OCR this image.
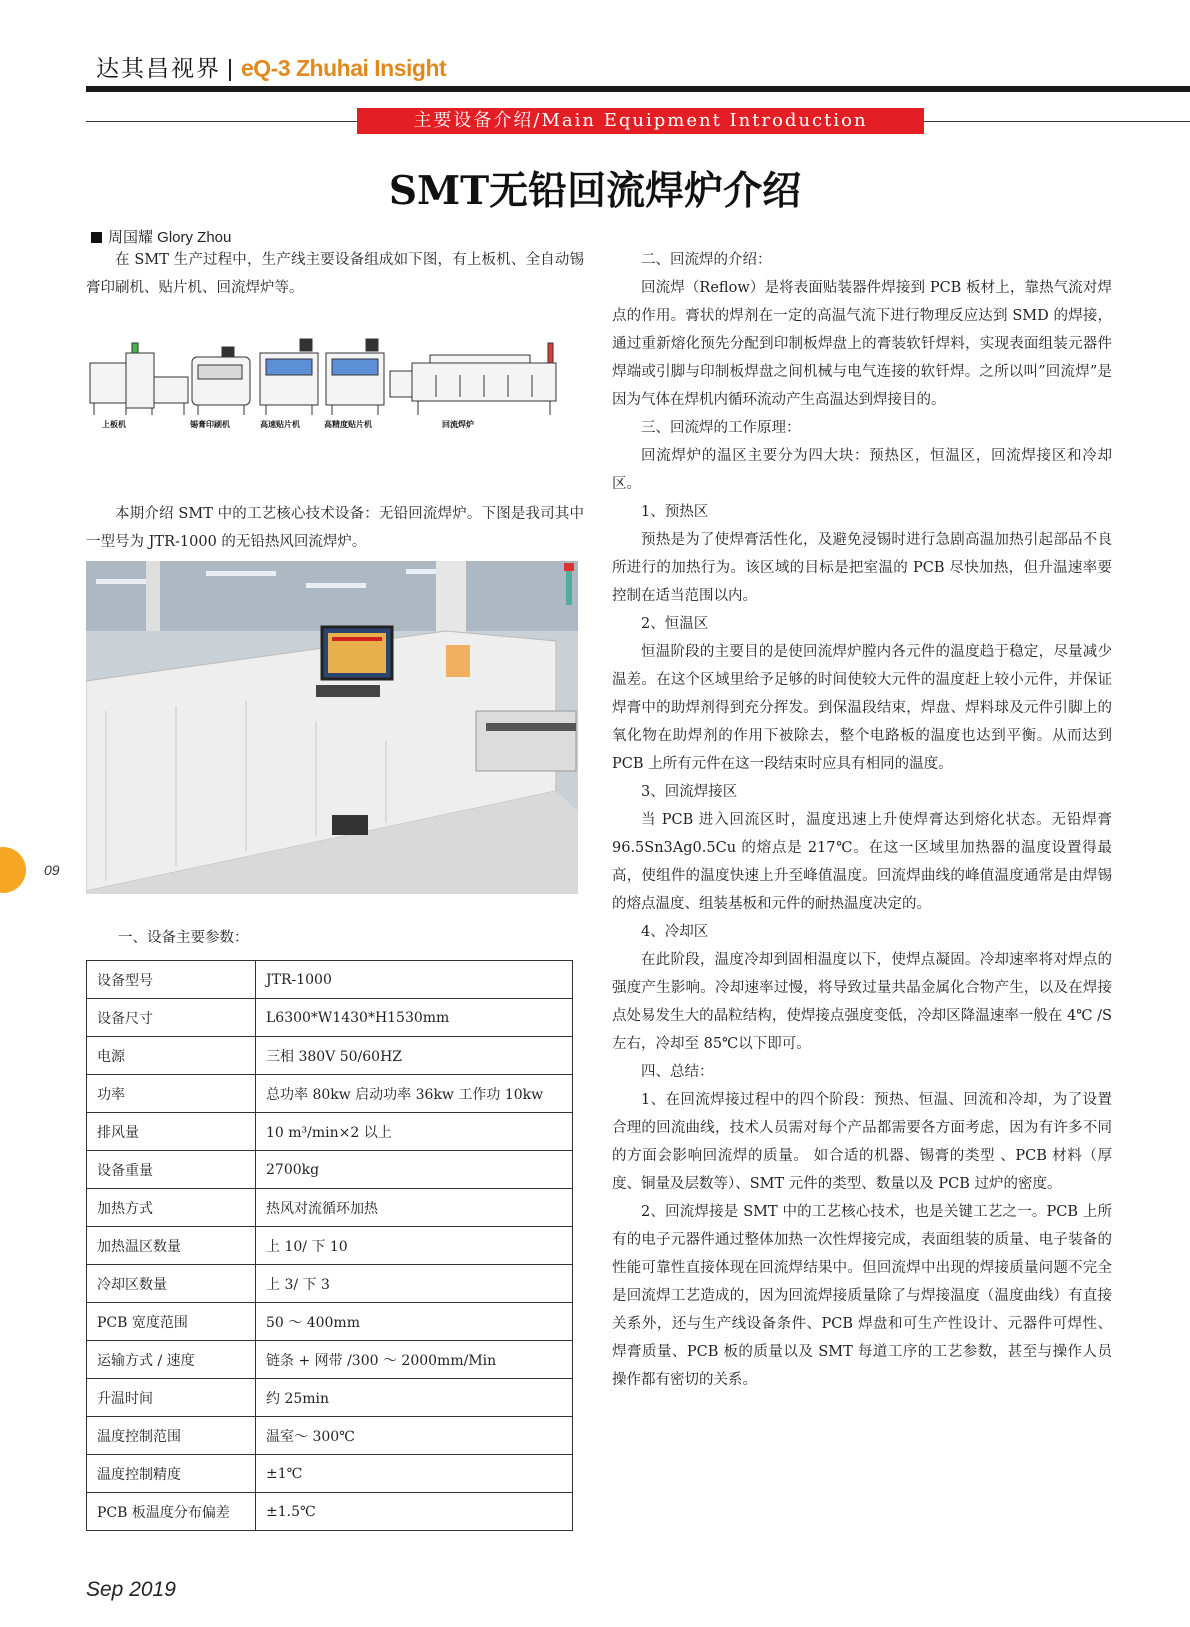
达其昌视界 | eQ-3 Zhuhai Insight
主要设备介绍/Main Equipment Introduction
SMT无铅回流焊炉介绍
周国耀 Glory Zhou
在 SMT 生产过程中，生产线主要设备组成如下图，有上板机、全自动锡膏印刷机、贴片机、回流焊炉等。
上板机	锡膏印刷机	高速贴片机	高精度贴片机	回流焊炉
本期介绍 SMT 中的工艺核心技术设备：无铅回流焊炉。下图是我司其中一型号为 JTR-1000 的无铅热风回流焊炉。
一、设备主要参数：
设备型号	JTR-1000
设备尺寸	L6300*W1430*H1530mm
电源	三相 380V 50/60HZ
功率	总功率 80kw 启动功率 36kw 工作功 10kw
排风量	10 m³/min×2 以上
设备重量	2700kg
加热方式	热风对流循环加热
加热温区数量	上 10/ 下 10
冷却区数量	上 3/ 下 3
PCB 宽度范围	50 ～ 400mm
运输方式 / 速度	链条 + 网带 /300 ～ 2000mm/Min
升温时间	约 25min
温度控制范围	温室～ 300℃
温度控制精度	±1℃
PCB 板温度分布偏差	±1.5℃

二、回流焊的介绍：

回流焊（Reflow）是将表面贴装器件焊接到 PCB 板材上，靠热气流对焊点的作用。膏状的焊剂在一定的高温气流下进行物理反应达到 SMD 的焊接，通过重新熔化预先分配到印制板焊盘上的膏装软钎焊料，实现表面组装元器件焊端或引脚与印制板焊盘之间机械与电气连接的软钎焊。之所以叫”回流焊”是因为气体在焊机内循环流动产生高温达到焊接目的。

三、回流焊的工作原理：

回流焊炉的温区主要分为四大块：预热区，恒温区，回流焊接区和冷却区。

1、预热区

预热是为了使焊膏活性化，及避免浸锡时进行急剧高温加热引起部品不良所进行的加热行为。该区域的目标是把室温的 PCB 尽快加热，但升温速率要控制在适当范围以内。

2、恒温区

恒温阶段的主要目的是使回流焊炉膛内各元件的温度趋于稳定，尽量减少温差。在这个区域里给予足够的时间使较大元件的温度赶上较小元件，并保证焊膏中的助焊剂得到充分挥发。到保温段结束，焊盘、焊料球及元件引脚上的氧化物在助焊剂的作用下被除去，整个电路板的温度也达到平衡。从而达到 PCB 上所有元件在这一段结束时应具有相同的温度。

3、回流焊接区

当 PCB 进入回流区时，温度迅速上升使焊膏达到熔化状态。无铅焊膏 96.5Sn3Ag0.5Cu 的熔点是 217℃。在这一区域里加热器的温度设置得最高，使组件的温度快速上升至峰值温度。回流焊曲线的峰值温度通常是由焊锡的熔点温度、组装基板和元件的耐热温度决定的。

4、冷却区

在此阶段，温度冷却到固相温度以下，使焊点凝固。冷却速率将对焊点的强度产生影响。冷却速率过慢，将导致过量共晶金属化合物产生，以及在焊接点处易发生大的晶粒结构，使焊接点强度变低，冷却区降温速率一般在 4℃ /S 左右，冷却至 85℃以下即可。

四、总结：

1、在回流焊接过程中的四个阶段：预热、恒温、回流和冷却，为了设置合理的回流曲线，技术人员需对每个产品都需要各方面考虑，因为有许多不同的方面会影响回流焊的质量。 如合适的机器、锡膏的类型 、PCB 材料（厚度、铜量及层数等）、SMT 元件的类型、数量以及 PCB 过炉的密度。

2、回流焊接是 SMT 中的工艺核心技术，也是关键工艺之一。PCB 上所有的电子元器件通过整体加热一次性焊接完成，表面组装的质量、电子装备的性能可靠性直接体现在回流焊结果中。但回流焊中出现的焊接质量问题不完全是回流焊工艺造成的，因为回流焊接质量除了与焊接温度（温度曲线）有直接关系外，还与生产线设备条件、PCB 焊盘和可生产性设计、元器件可焊性、焊膏质量、PCB 板的质量以及 SMT 每道工序的工艺参数，甚至与操作人员操作都有密切的关系。

09
Sep 2019
